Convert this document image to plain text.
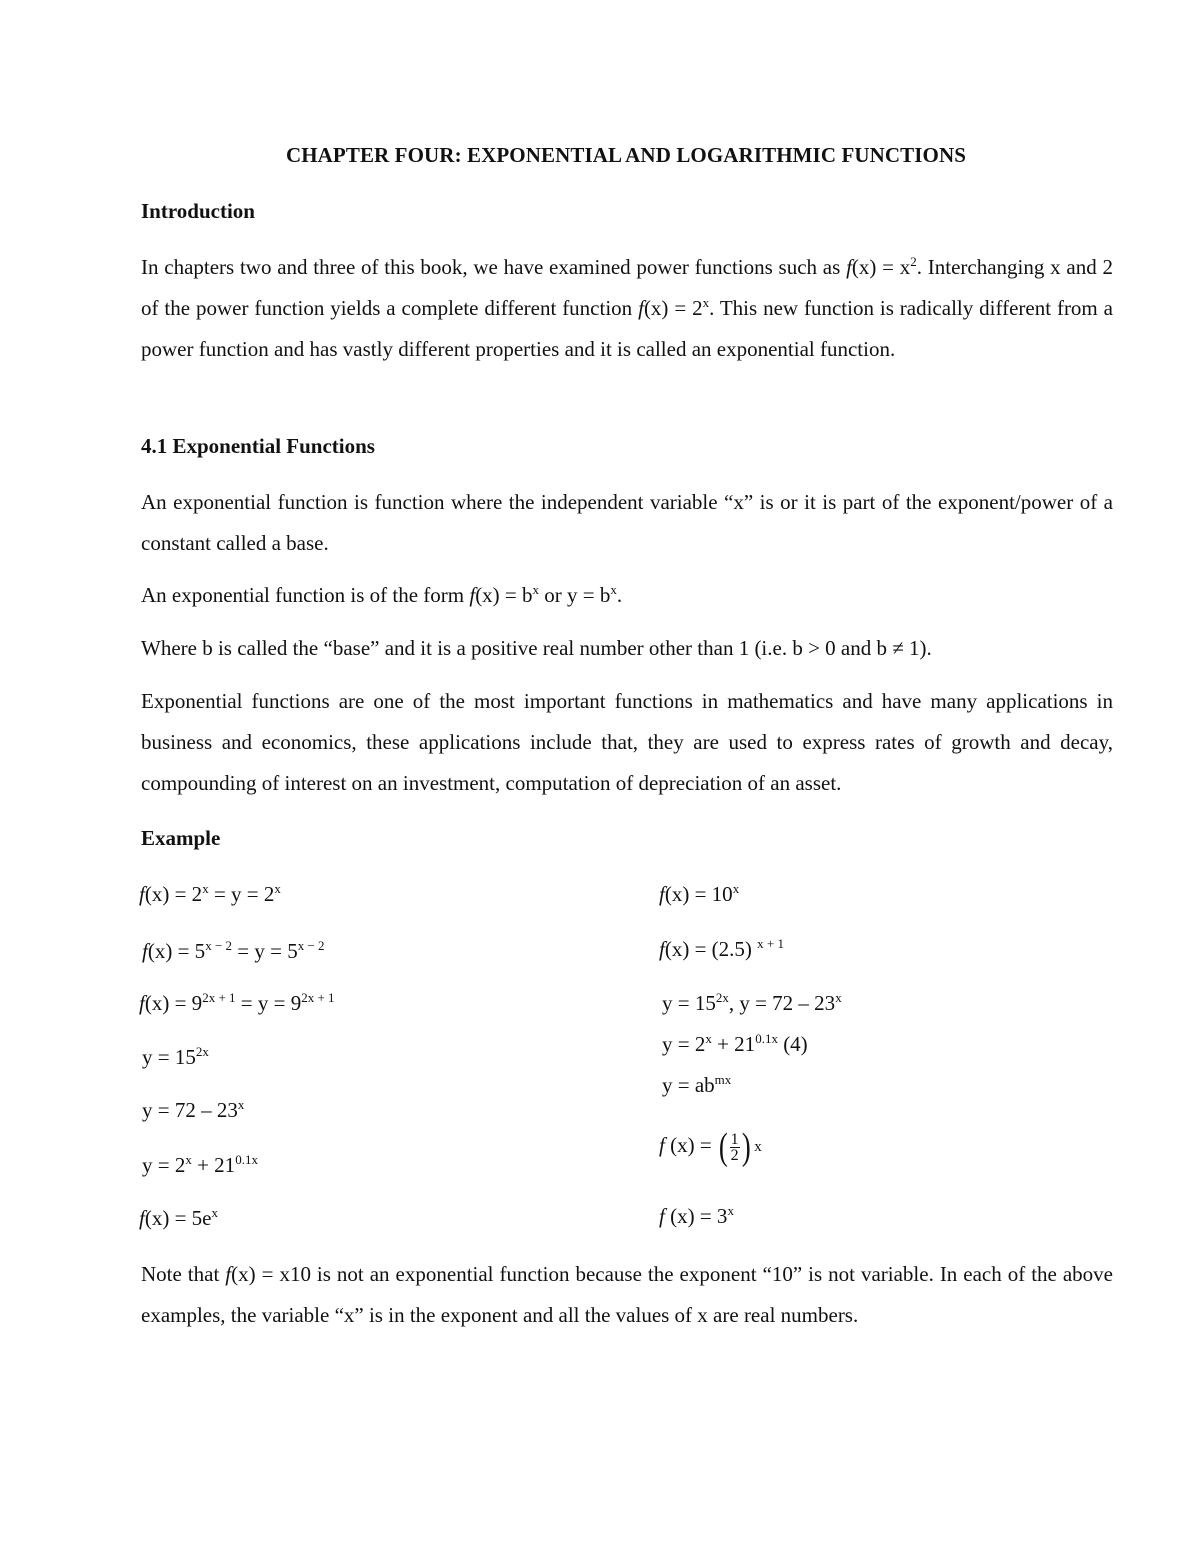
CHAPTER FOUR: EXPONENTIAL AND LOGARITHMIC FUNCTIONS
Introduction
In chapters two and three of this book, we have examined power functions such as $f(x) = x^2$. Interchanging x and 2 of the power function yields a complete different function $f(x) = 2^x$. This new function is radically different from a power function and has vastly different properties and it is called an exponential function.
4.1 Exponential Functions
An exponential function is function where the independent variable “x” is or it is part of the exponent/power of a constant called a base.
An exponential function is of the form $f(x) = b^x$ or $y = b^x$.
Where b is called the “base” and it is a positive real number other than 1 (i.e. b > 0 and b ≠ 1).
Exponential functions are one of the most important functions in mathematics and have many applications in business and economics, these applications include that, they are used to express rates of growth and decay, compounding of interest on an investment, computation of depreciation of an asset.
Example
$f(x) = 2^x = y = 2^x$
$f(x) = 5^{x - 2} = y = 5^{x - 2}$
$f(x) = 9^{2x + 1} = y = 9^{2x + 1}$
$y = 15^{2x}$
y = 72 – 23$^x$
$y = 2^x + 21^{0.1x}$
$f(x) = 5e^x$
$f(x) = 10^x$
f(x) = (2.5) $^{x + 1}$
$y = 15^{2x}$, y = 72 – 23$^x$
$y = 2^x + 21^{0.1x}$ (4)
$y = ab^{mx}$
f (x) = ( $\frac{1}{2}$ ) x
f $(x) = 3^x$
Note that f(x) = x10 is not an exponential function because the exponent “10” is not variable. In each of the above examples, the variable “x” is in the exponent and all the values of x are real numbers.
